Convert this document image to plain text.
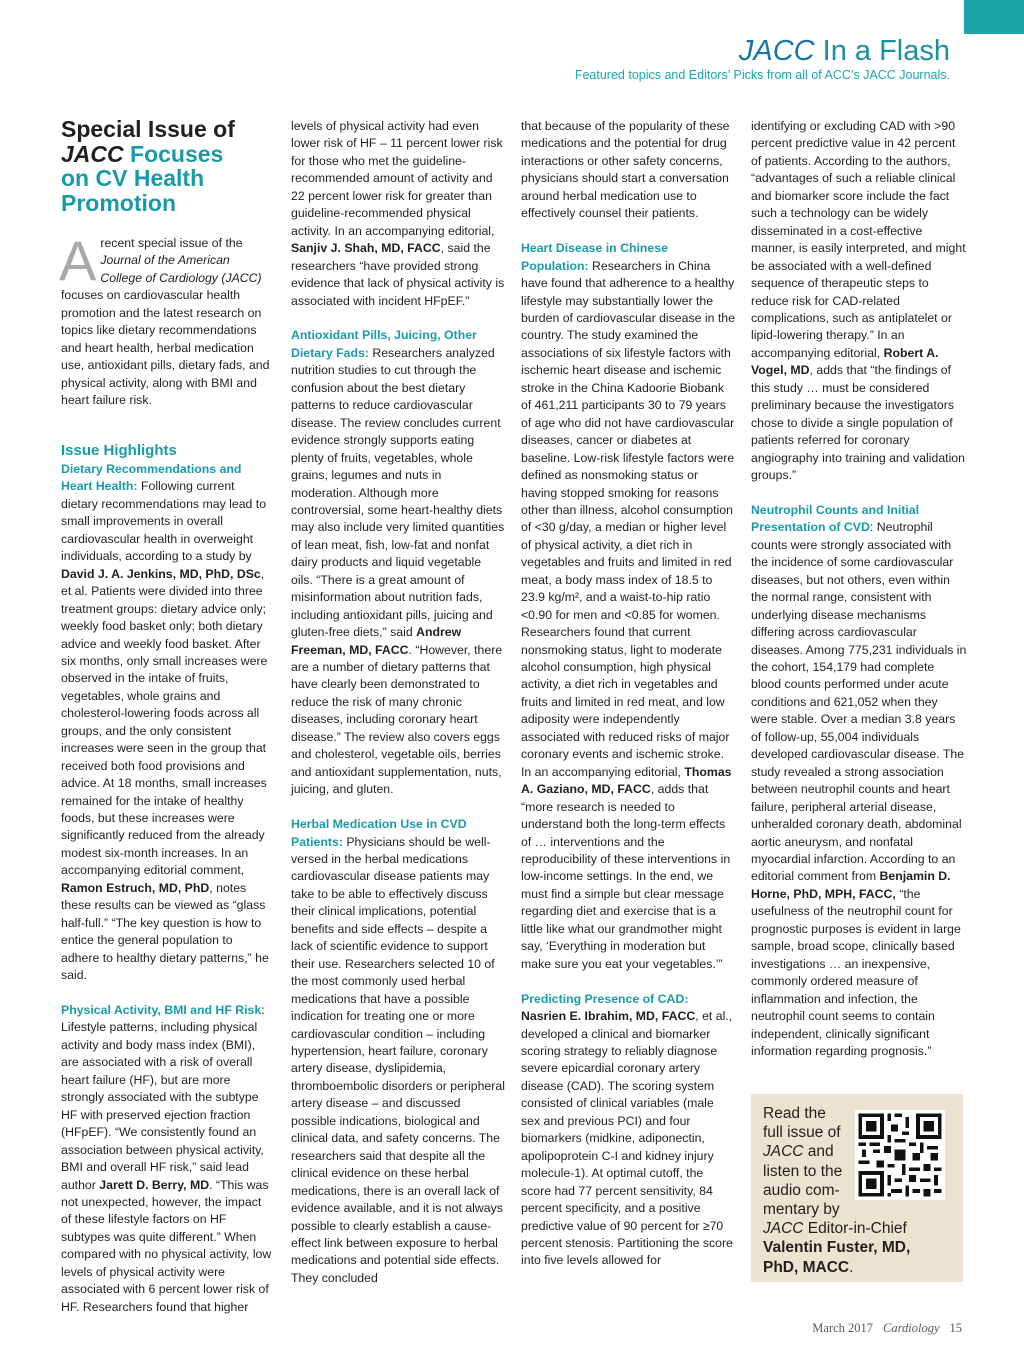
JACC In a Flash
Featured topics and Editors’ Picks from all of ACC’s JACC Journals.
Special Issue of
JACC Focuses
on CV Health
Promotion
A recent special issue of the
Journal of the American
College of Cardiology (JACC)
focuses on cardiovascular health promotion and the latest research on topics like dietary recommendations and heart health, herbal medication use, antioxidant pills, dietary fads, and physical activity, along with BMI and heart failure risk.

Issue Highlights

Dietary Recommendations and Heart Health: Following current dietary recommendations may lead to small improvements in overall cardiovascular health in overweight individuals, according to a study by David J. A. Jenkins, MD, PhD, DSc, et al. Patients were divided into three treatment groups: dietary advice only; weekly food basket only; both dietary advice and weekly food basket. After six months, only small increases were observed in the intake of fruits, vegetables, whole grains and cholesterol-lowering foods across all groups, and the only consistent increases were seen in the group that received both food provisions and advice. At 18 months, small increases remained for the intake of healthy foods, but these increases were significantly reduced from the already modest six-month increases. In an accompanying editorial comment, Ramon Estruch, MD, PhD, notes these results can be viewed as “glass half-full.” “The key question is how to entice the general population to adhere to healthy dietary patterns,” he said.

Physical Activity, BMI and HF Risk: Lifestyle patterns, including physical activity and body mass index (BMI), are associated with a risk of overall heart failure (HF), but are more strongly associated with the subtype HF with preserved ejection fraction (HFpEF). “We consistently found an association between physical activity, BMI and overall HF risk,” said lead author Jarett D. Berry, MD. “This was not unexpected, however, the impact of these lifestyle factors on HF subtypes was quite different.” When compared with no physical activity, low levels of physical activity were associated with 6 percent lower risk of HF. Researchers found that higher

levels of physical activity had even lower risk of HF – 11 percent lower risk for those who met the guideline-recommended amount of activity and 22 percent lower risk for greater than guideline-recommended physical activity. In an accompanying editorial, Sanjiv J. Shah, MD, FACC, said the researchers “have provided strong evidence that lack of physical activity is associated with incident HFpEF.”

Antioxidant Pills, Juicing, Other Dietary Fads: Researchers analyzed nutrition studies to cut through the confusion about the best dietary patterns to reduce cardiovascular disease. The review concludes current evidence strongly supports eating plenty of fruits, vegetables, whole grains, legumes and nuts in moderation. Although more controversial, some heart-healthy diets may also include very limited quantities of lean meat, fish, low-fat and nonfat dairy products and liquid vegetable oils. “There is a great amount of misinformation about nutrition fads, including antioxidant pills, juicing and gluten-free diets,” said Andrew Freeman, MD, FACC. “However, there are a number of dietary patterns that have clearly been demonstrated to reduce the risk of many chronic diseases, including coronary heart disease.” The review also covers eggs and cholesterol, vegetable oils, berries and antioxidant supplementation, nuts, juicing, and gluten.

Herbal Medication Use in CVD Patients: Physicians should be well-versed in the herbal medications cardiovascular disease patients may take to be able to effectively discuss their clinical implications, potential benefits and side effects – despite a lack of scientific evidence to support their use. Researchers selected 10 of the most commonly used herbal medications that have a possible indication for treating one or more cardiovascular condition – including hypertension, heart failure, coronary artery disease, dyslipidemia, thromboembolic disorders or peripheral artery disease – and discussed possible indications, biological and clinical data, and safety concerns. The researchers said that despite all the clinical evidence on these herbal medications, there is an overall lack of evidence available, and it is not always possible to clearly establish a cause-effect link between exposure to herbal medications and potential side effects. They concluded

that because of the popularity of these medications and the potential for drug interactions or other safety concerns, physicians should start a conversation around herbal medication use to effectively counsel their patients.

Heart Disease in Chinese Population: Researchers in China have found that adherence to a healthy lifestyle may substantially lower the burden of cardiovascular disease in the country. The study examined the associations of six lifestyle factors with ischemic heart disease and ischemic stroke in the China Kadoorie Biobank of 461,211 participants 30 to 79 years of age who did not have cardiovascular diseases, cancer or diabetes at baseline. Low-risk lifestyle factors were defined as nonsmoking status or having stopped smoking for reasons other than illness, alcohol consumption of <30 g/day, a median or higher level of physical activity, a diet rich in vegetables and fruits and limited in red meat, a body mass index of 18.5 to 23.9 kg/m², and a waist-to-hip ratio <0.90 for men and <0.85 for women. Researchers found that current nonsmoking status, light to moderate alcohol consumption, high physical activity, a diet rich in vegetables and fruits and limited in red meat, and low adiposity were independently associated with reduced risks of major coronary events and ischemic stroke. In an accompanying editorial, Thomas A. Gaziano, MD, FACC, adds that “more research is needed to understand both the long-term effects of … interventions and the reproducibility of these interventions in low-income settings. In the end, we must find a simple but clear message regarding diet and exercise that is a little like what our grandmother might say, ‘Everything in moderation but make sure you eat your vegetables.’”

Predicting Presence of CAD:
Nasrien E. Ibrahim, MD, FACC, et al., developed a clinical and biomarker scoring strategy to reliably diagnose severe epicardial coronary artery disease (CAD). The scoring system consisted of clinical variables (male sex and previous PCI) and four biomarkers (midkine, adiponectin, apolipoprotein C-I and kidney injury molecule-1). At optimal cutoff, the score had 77 percent sensitivity, 84 percent specificity, and a positive predictive value of 90 percent for ≥70 percent stenosis. Partitioning the score into five levels allowed for

identifying or excluding CAD with >90 percent predictive value in 42 percent of patients. According to the authors, “advantages of such a reliable clinical and biomarker score include the fact such a technology can be widely disseminated in a cost-effective manner, is easily interpreted, and might be associated with a well-defined sequence of therapeutic steps to reduce risk for CAD-related complications, such as antiplatelet or lipid-lowering therapy.” In an accompanying editorial, Robert A. Vogel, MD, adds that “the findings of this study … must be considered preliminary because the investigators chose to divide a single population of patients referred for coronary angiography into training and validation groups.”

Neutrophil Counts and Initial Presentation of CVD: Neutrophil counts were strongly associated with the incidence of some cardiovascular diseases, but not others, even within the normal range, consistent with underlying disease mechanisms differing across cardiovascular diseases. Among 775,231 individuals in the cohort, 154,179 had complete blood counts performed under acute conditions and 621,052 when they were stable. Over a median 3.8 years of follow-up, 55,004 individuals developed cardiovascular disease. The study revealed a strong association between neutrophil counts and heart failure, peripheral arterial disease, unheralded coronary death, abdominal aortic aneurysm, and nonfatal myocardial infarction. According to an editorial comment from Benjamin D. Horne, PhD, MPH, FACC, “the usefulness of the neutrophil count for prognostic purposes is evident in large sample, broad scope, clinically based investigations … an inexpensive, commonly ordered measure of inflammation and infection, the neutrophil count seems to contain independent, clinically significant information regarding prognosis.”

Read the
full issue of
JACC and
listen to the
audio com-
mentary by
JACC Editor-in-Chief
Valentin Fuster, MD,
PhD, MACC.
March 2017 Cardiology 15
